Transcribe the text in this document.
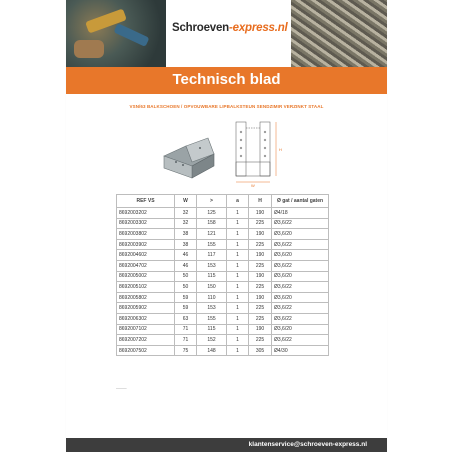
Schroeven-express.nl
Technisch blad
VSN/63 BALKSCHOEN / OPVOUWBARE LIPBALKSTEUN SENDZIMIR VERZINKT STAAL
H
W
REF VS	W	>	a	H	Ø gat / aantal gaten
8692003202	32	125	1	190	Ø4/18
8692003302	32	158	1	225	Ø3,6/22
8692003802	38	121	1	190	Ø3,6/20
8692003902	38	155	1	225	Ø3,6/22
8692004602	46	117	1	190	Ø3,6/20
8692004702	46	153	1	225	Ø3,6/22
8692005002	50	115	1	190	Ø3,6/20
8692005102	50	150	1	225	Ø3,6/22
8692005802	59	110	1	190	Ø3,6/20
8692005902	59	153	1	225	Ø3,6/22
8692006302	63	155	1	225	Ø3,6/22
8692007102	71	115	1	190	Ø3,6/20
8692007202	71	152	1	225	Ø3,6/22
8692007502	75	148	1	305	Ø4/30
─────
klantenservice@schroeven-express.nl
